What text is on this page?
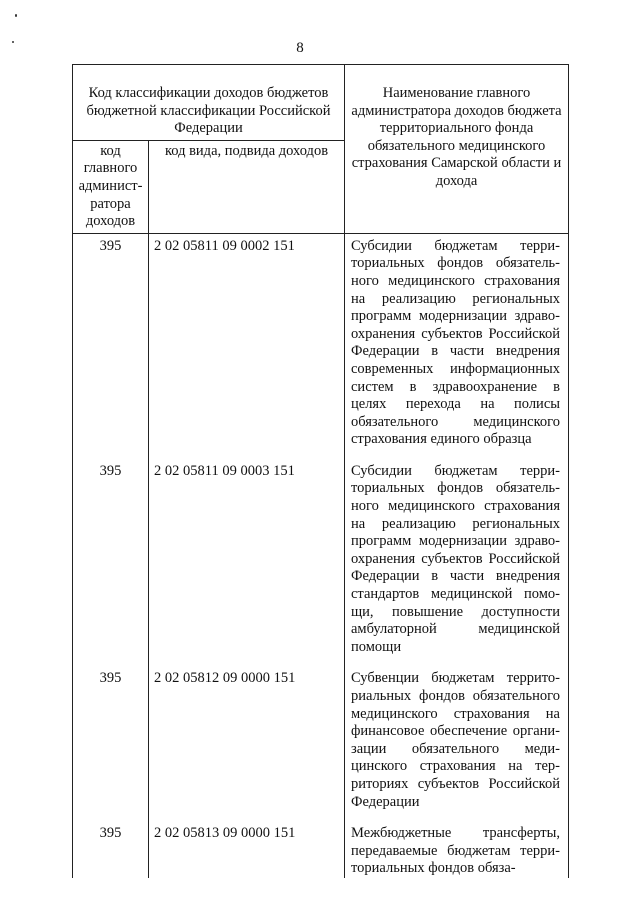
8
Код классификации доходов бюджетов бюджетной классификации Российской Федерации		Наименование главного администратора доходов бюджета территориального фонда обязательного медицинского страхования Самарской области и дохода
код главного админист- ратора доходов	код вида, подвида доходов	
395	2 02 05811 09 0002 151	Субсидии бюджетам терри-ториальных фондов обязатель-ного медицинского страхования на реализацию региональных программ модернизации здраво-охранения субъектов Российской Федерации в части внедрения современных информационных систем в здравоохранение в целях перехода на полисы обязательного медицинского страхования единого образца
395	2 02 05811 09 0003 151	Субсидии бюджетам терри-ториальных фондов обязатель-ного медицинского страхования на реализацию региональных программ модернизации здраво-охранения субъектов Российской Федерации в части внедрения стандартов медицинской помо-щи, повышение доступности амбулаторной медицинской помощи
395	2 02 05812 09 0000 151	Субвенции бюджетам террито-риальных фондов обязательного медицинского страхования на финансовое обеспечение органи-зации обязательного меди-цинского страхования на тер-риториях субъектов Российской Федерации
395	2 02 05813 09 0000 151	Межбюджетные трансферты, передаваемые бюджетам терри-ториальных фондов обяза-
